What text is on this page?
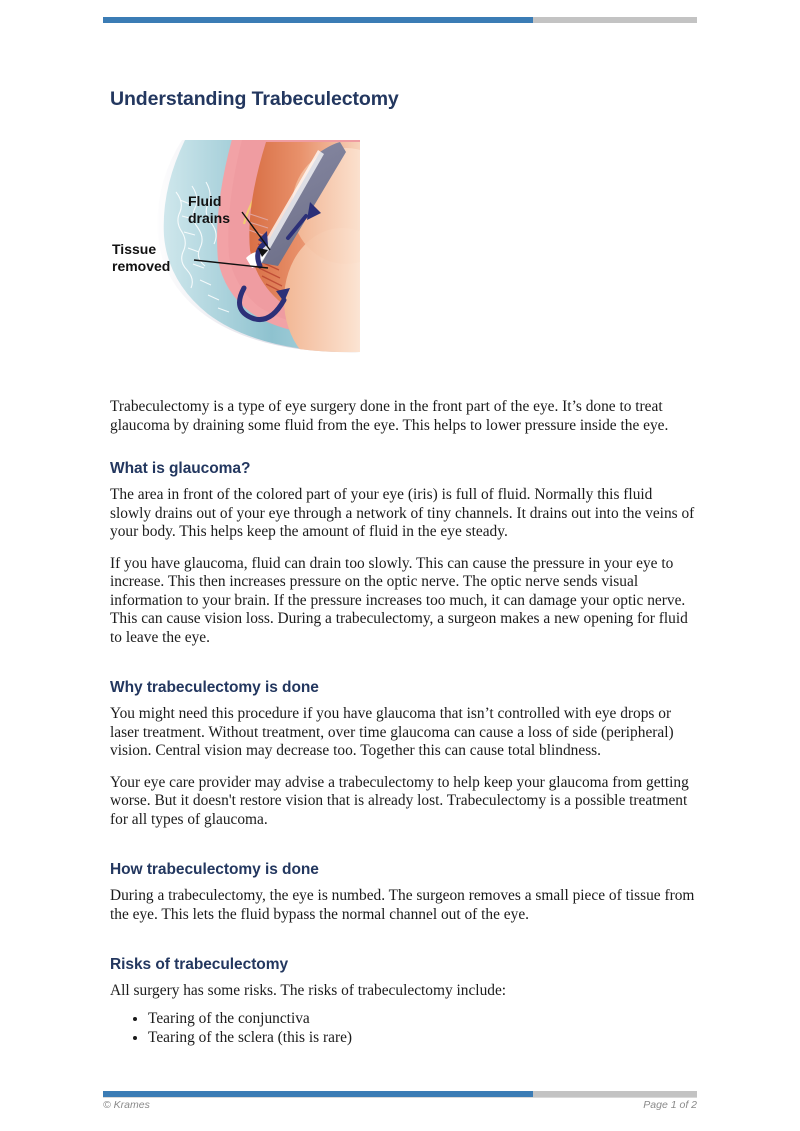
Understanding Trabeculectomy
Fluid
drains
Tissue
removed

Trabeculectomy is a type of eye surgery done in the front part of the eye. It’s done to treat glaucoma by draining some fluid from the eye. This helps to lower pressure inside the eye.

What is glaucoma?

The area in front of the colored part of your eye (iris) is full of fluid. Normally this fluid slowly drains out of your eye through a network of tiny channels. It drains out into the veins of your body. This helps keep the amount of fluid in the eye steady.

If you have glaucoma, fluid can drain too slowly. This can cause the pressure in your eye to increase. This then increases pressure on the optic nerve. The optic nerve sends visual information to your brain. If the pressure increases too much, it can damage your optic nerve. This can cause vision loss. During a trabeculectomy, a surgeon makes a new opening for fluid to leave the eye.

Why trabeculectomy is done

You might need this procedure if you have glaucoma that isn’t controlled with eye drops or laser treatment. Without treatment, over time glaucoma can cause a loss of side (peripheral) vision. Central vision may decrease too. Together this can cause total blindness.

Your eye care provider may advise a trabeculectomy to help keep your glaucoma from getting worse. But it doesn't restore vision that is already lost. Trabeculectomy is a possible treatment for all types of glaucoma.

How trabeculectomy is done

During a trabeculectomy, the eye is numbed. The surgeon removes a small piece of tissue from the eye. This lets the fluid bypass the normal channel out of the eye.

Risks of trabeculectomy

All surgery has some risks. The risks of trabeculectomy include:

• Tearing of the conjunctiva
• Tearing of the sclera (this is rare)
© Krames	Page 1 of 2
